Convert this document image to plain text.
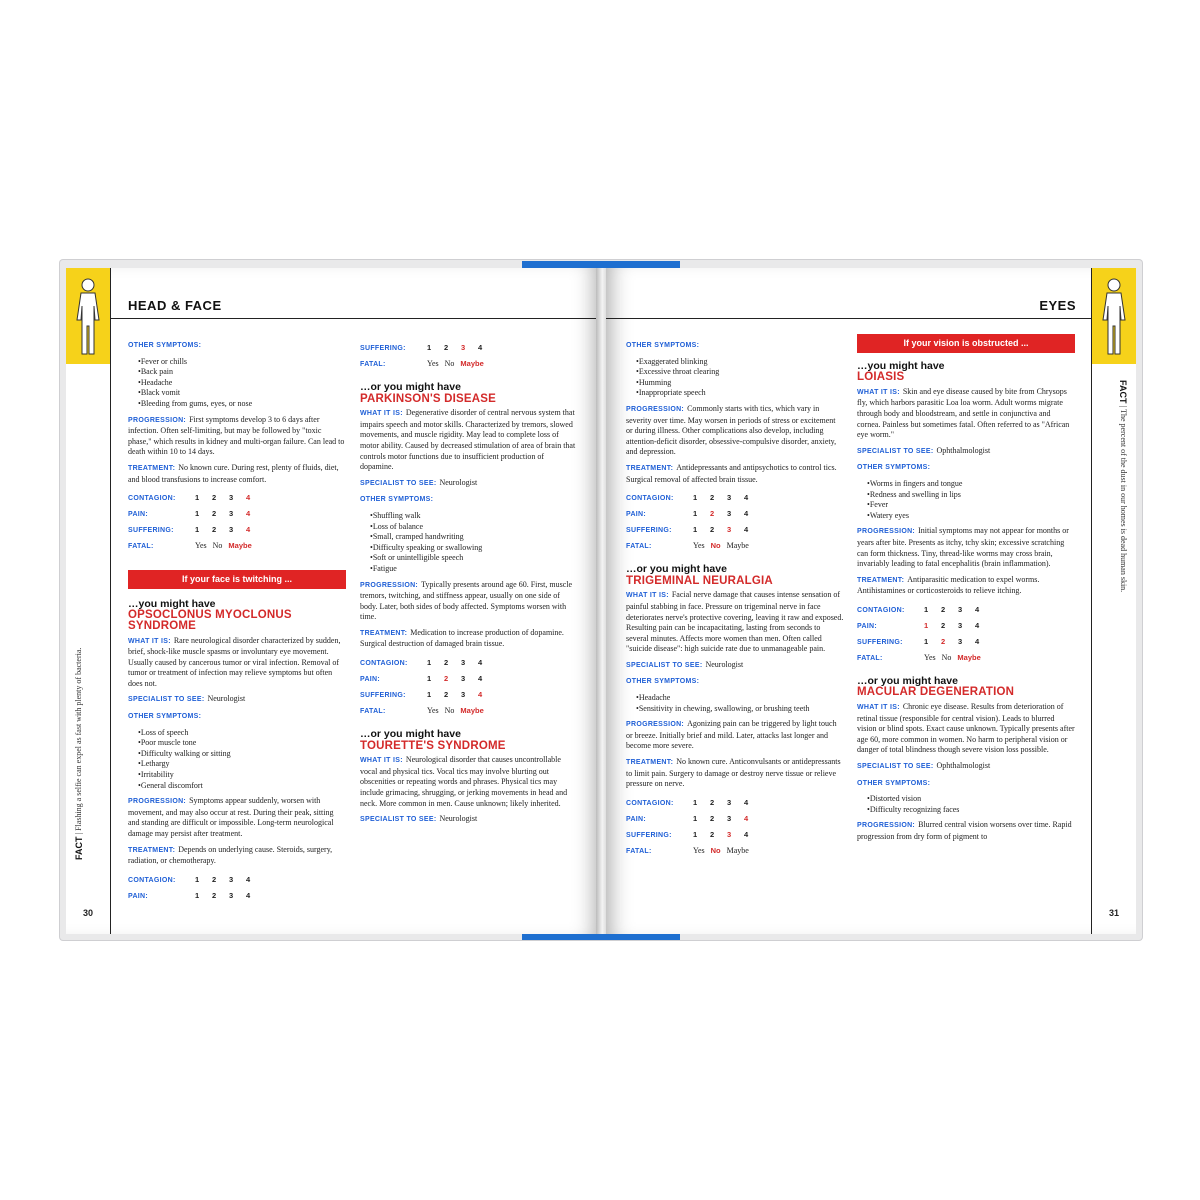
FACT | Flashing a selfie can expel as fast with plenty of bacteria.
30
HEAD & FACE
OTHER SYMPTOMS:
• Fever or chills
• Back pain
• Headache
• Black vomit
• Bleeding from gums, eyes, or nose
PROGRESSION: First symptoms develop 3 to 6 days after infection. Often self-limiting, but may be followed by "toxic phase," which results in kidney and multi-organ failure. Can lead to death within 10 to 14 days.
TREATMENT: No known cure. During rest, plenty of fluids, diet, and blood transfusions to increase comfort.
CONTAGION:	1 2 3 4
PAIN:	1 2 3 4
SUFFERING:	1 2 3 4
FATAL:	Yes No Maybe
If your face is twitching ...
…you might have
OPSOCLONUS MYOCLONUS SYNDROME
WHAT IT IS: Rare neurological disorder characterized by sudden, brief, shock-like muscle spasms or involuntary eye movement. Usually caused by cancerous tumor or viral infection. Removal of tumor or treatment of infection may relieve symptoms but often does not.
SPECIALIST TO SEE: Neurologist
OTHER SYMPTOMS:
• Loss of speech
• Poor muscle tone
• Difficulty walking or sitting
• Lethargy
• Irritability
• General discomfort
PROGRESSION: Symptoms appear suddenly, worsen with movement, and may also occur at rest. During their peak, sitting and standing are difficult or impossible. Long-term neurological damage may persist after treatment.
TREATMENT: Depends on underlying cause. Steroids, surgery, radiation, or chemotherapy.
CONTAGION:	1 2 3 4
PAIN:	1 2 3 4
SUFFERING:	1 2 3 4
FATAL:	Yes No Maybe
…or you might have
PARKINSON'S DISEASE
WHAT IT IS: Degenerative disorder of central nervous system that impairs speech and motor skills. Characterized by tremors, slowed movements, and muscle rigidity. May lead to complete loss of motor ability. Caused by decreased stimulation of area of brain that controls motor functions due to insufficient production of dopamine.
SPECIALIST TO SEE: Neurologist
OTHER SYMPTOMS:
• Shuffling walk
• Loss of balance
• Small, cramped handwriting
• Difficulty speaking or swallowing
• Soft or unintelligible speech
• Fatigue
PROGRESSION: Typically presents around age 60. First, muscle tremors, twitching, and stiffness appear, usually on one side of body. Later, both sides of body affected. Symptoms worsen with time.
TREATMENT: Medication to increase production of dopamine. Surgical destruction of damaged brain tissue.
CONTAGION:	1 2 3 4
PAIN:	1 2 3 4
SUFFERING:	1 2 3 4
FATAL:	Yes No Maybe
…or you might have
TOURETTE'S SYNDROME
WHAT IT IS: Neurological disorder that causes uncontrollable vocal and physical tics. Vocal tics may involve blurting out obscenities or repeating words and phrases. Physical tics may include grimacing, shrugging, or jerking movements in head and neck. More common in men. Cause unknown; likely inherited.
SPECIALIST TO SEE: Neurologist
FACT | The percent of the dust in our homes is dead human skin.
31
EYES
OTHER SYMPTOMS:
• Exaggerated blinking
• Excessive throat clearing
• Humming
• Inappropriate speech
PROGRESSION: Commonly starts with tics, which vary in severity over time. May worsen in periods of stress or excitement or during illness. Other complications also develop, including attention-deficit disorder, obsessive-compulsive disorder, anxiety, and depression.
TREATMENT: Antidepressants and antipsychotics to control tics. Surgical removal of affected brain tissue.
CONTAGION:	1 2 3 4
PAIN:	1 2 3 4
SUFFERING:	1 2 3 4
FATAL:	Yes No Maybe
…or you might have
TRIGEMINAL NEURALGIA
WHAT IT IS: Facial nerve damage that causes intense sensation of painful stabbing in face. Pressure on trigeminal nerve in face deteriorates nerve's protective covering, leaving it raw and exposed. Resulting pain can be incapacitating, lasting from seconds to several minutes. Affects more women than men. Often called "suicide disease": high suicide rate due to unmanageable pain.
SPECIALIST TO SEE: Neurologist
OTHER SYMPTOMS:
• Headache
• Sensitivity in chewing, swallowing, or brushing teeth
PROGRESSION: Agonizing pain can be triggered by light touch or breeze. Initially brief and mild. Later, attacks last longer and become more severe.
TREATMENT: No known cure. Anticonvulsants or antidepressants to limit pain. Surgery to damage or destroy nerve tissue or relieve pressure on nerve.
CONTAGION:	1 2 3 4
PAIN:	1 2 3 4
SUFFERING:	1 2 3 4
FATAL:	Yes No Maybe
If your vision is obstructed ...
…you might have
LOIASIS
WHAT IT IS: Skin and eye disease caused by bite from Chrysops fly, which harbors parasitic Loa loa worm. Adult worms migrate through body and bloodstream, and settle in conjunctiva and cornea. Painless but sometimes fatal. Often referred to as "African eye worm."
SPECIALIST TO SEE: Ophthalmologist
OTHER SYMPTOMS:
• Worms in fingers and tongue
• Redness and swelling in lips
• Fever
• Watery eyes
PROGRESSION: Initial symptoms may not appear for months or years after bite. Presents as itchy, tchy skin; excessive scratching can form thickness. Tiny, thread-like worms may cross brain, invariably leading to fatal encephalitis (brain inflammation).
TREATMENT: Antiparasitic medication to expel worms. Antihistamines or corticosteroids to relieve itching.
CONTAGION:	1 2 3 4
PAIN:	1 2 3 4
SUFFERING:	1 2 3 4
FATAL:	Yes No Maybe
…or you might have
MACULAR DEGENERATION
WHAT IT IS: Chronic eye disease. Results from deterioration of retinal tissue (responsible for central vision). Leads to blurred vision or blind spots. Exact cause unknown. Typically presents after age 60, more common in women. No harm to peripheral vision or danger of total blindness though severe vision loss possible.
SPECIALIST TO SEE: Ophthalmologist
OTHER SYMPTOMS:
• Distorted vision
• Difficulty recognizing faces
PROGRESSION: Blurred central vision worsens over time. Rapid progression from dry form of pigment to
